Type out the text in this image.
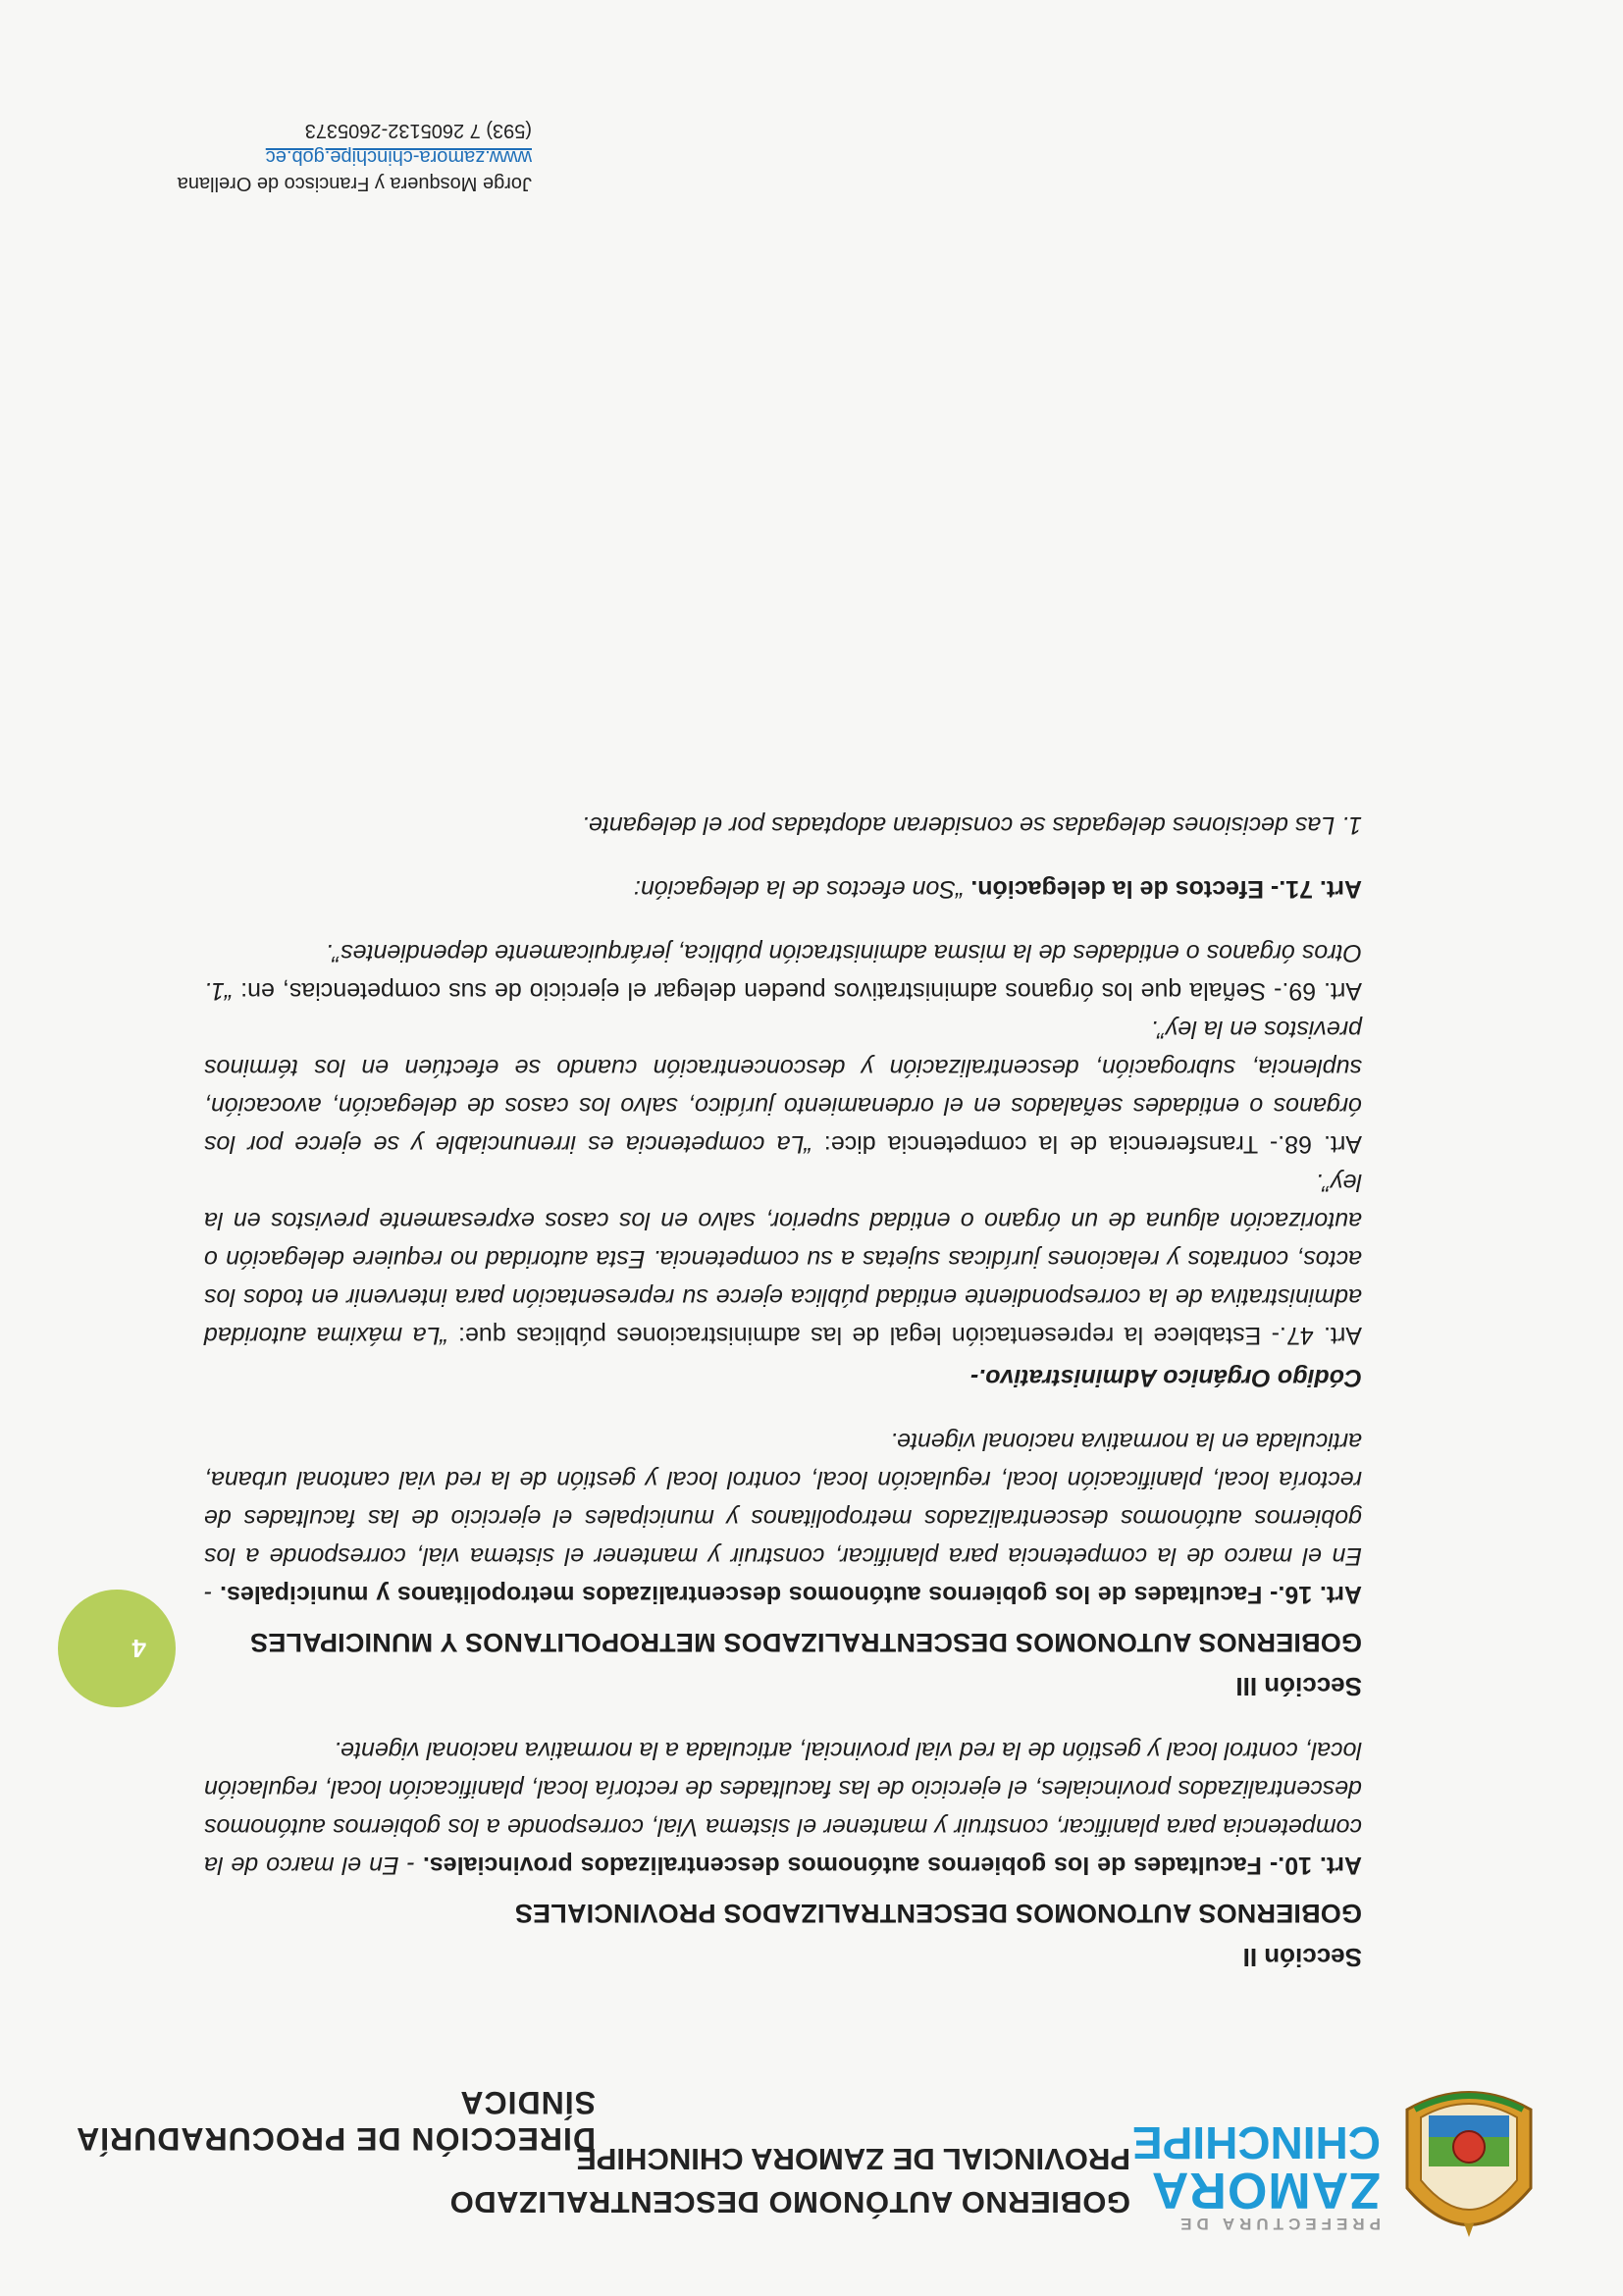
PREFECTURA DE
ZAMORA
CHINCHIPE
GOBIERNO AUTÓNOMO DESCENTRALIZADO
PROVINCIAL DE ZAMORA CHINCHIPE
DIRECCIÓN DE PROCURADURÍA SÍNDICA

Sección II

GOBIERNOS AUTONOMOS DESCENTRALIZADOS PROVINCIALES

Art. 10.- Facultades de los gobiernos autónomos descentralizados provinciales. - En el marco de la competencia para planificar, construir y mantener el sistema Vial, corresponde a los gobiernos autónomos descentralizados provinciales, el ejercicio de las facultades de rectoría local, planificación local, regulación local, control local y gestión de la red vial provincial, articulada a la normativa nacional vigente.

Sección III

GOBIERNOS AUTONOMOS DESCENTRALIZADOS METROPOLITANOS Y MUNICIPALES

Art. 16.- Facultades de los gobiernos autónomos descentralizados metropolitanos y municipales. - En el marco de la competencia para planificar, construir y mantener el sistema vial, corresponde a los gobiernos autónomos descentralizados metropolitanos y municipales el ejercicio de las facultades de rectoría local, planificación local, regulación local, control local y gestión de la red vial cantonal urbana, articulada en la normativa nacional vigente.

Código Orgánico Administrativo.-

Art. 47.- Establece la representación legal de las administraciones públicas que: “La máxima autoridad administrativa de la correspondiente entidad pública ejerce su representación para intervenir en todos los actos, contratos y relaciones jurídicas sujetas a su competencia. Esta autoridad no requiere delegación o autorización alguna de un órgano o entidad superior, salvo en los casos expresamente previstos en la ley”.

Art. 68.- Transferencia de la competencia dice: “La competencia es irrenunciable y se ejerce por los órganos o entidades señalados en el ordenamiento jurídico, salvo los casos de delegación, avocación, suplencia, subrogación, descentralización y desconcentración cuando se efectúen en los términos previstos en la ley”.

Art. 69.- Señala que los órganos administrativos pueden delegar el ejercicio de sus competencias, en: “1. Otros órganos o entidades de la misma administración pública, jerárquicamente dependientes”.

Art. 71.- Efectos de la delegación. “Son efectos de la delegación:

1. Las decisiones delegadas se consideran adoptadas por el delegante.

4
Jorge Mosquera y Francisco de Orellana
www.zamora-chinchipe.gob.ec
(593) 7 2605132-2605373
